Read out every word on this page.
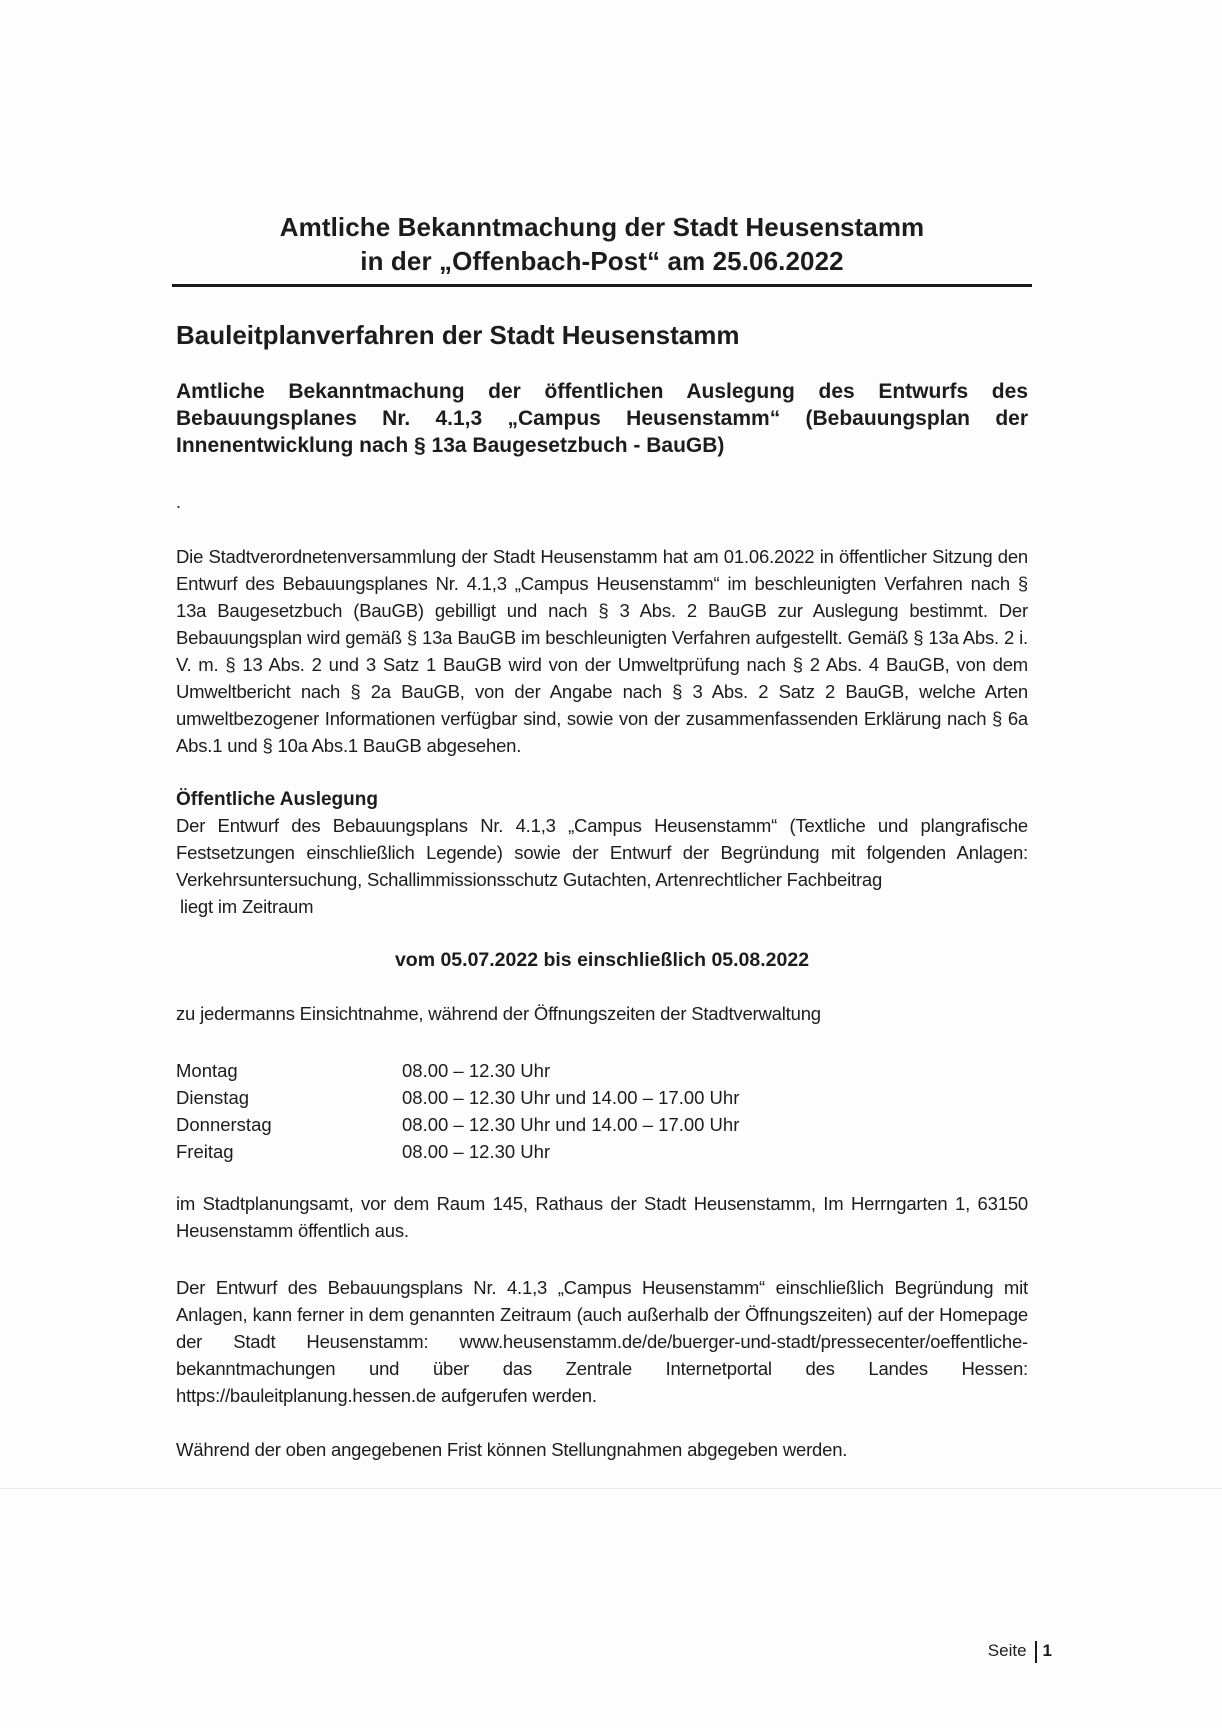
Amtliche Bekanntmachung der Stadt Heusenstamm
in der „Offenbach-Post“ am 25.06.2022
Bauleitplanverfahren der Stadt Heusenstamm
Amtliche Bekanntmachung der öffentlichen Auslegung des Entwurfs des Bebauungsplanes Nr. 4.1,3 „Campus Heusenstamm“ (Bebauungsplan der Innenentwicklung nach § 13a Baugesetzbuch - BauGB)
.
Die Stadtverordnetenversammlung der Stadt Heusenstamm hat am 01.06.2022 in öffentlicher Sitzung den Entwurf des Bebauungsplanes Nr. 4.1,3 „Campus Heusenstamm“ im beschleunigten Verfahren nach § 13a Baugesetzbuch (BauGB) gebilligt und nach § 3 Abs. 2 BauGB zur Auslegung bestimmt. Der Bebauungsplan wird gemäß § 13a BauGB im beschleunigten Verfahren aufgestellt. Gemäß § 13a Abs. 2 i. V. m. § 13 Abs. 2 und 3 Satz 1 BauGB wird von der Umweltprüfung nach § 2 Abs. 4 BauGB, von dem Umweltbericht nach § 2a BauGB, von der Angabe nach § 3 Abs. 2 Satz 2 BauGB, welche Arten umweltbezogener Informationen verfügbar sind, sowie von der zusammenfassenden Erklärung nach § 6a Abs.1 und § 10a Abs.1 BauGB abgesehen.
Öffentliche Auslegung
Der Entwurf des Bebauungsplans Nr. 4.1,3 „Campus Heusenstamm“ (Textliche und plangrafische Festsetzungen einschließlich Legende) sowie der Entwurf der Begründung mit folgenden Anlagen: Verkehrsuntersuchung, Schallimmissionsschutz Gutachten, Artenrechtlicher Fachbeitrag
liegt im Zeitraum
vom 05.07.2022 bis einschließlich 05.08.2022
zu jedermanns Einsichtnahme, während der Öffnungszeiten der Stadtverwaltung
Montag	08.00 – 12.30 Uhr
Dienstag	08.00 – 12.30 Uhr und 14.00 – 17.00 Uhr
Donnerstag	08.00 – 12.30 Uhr und 14.00 – 17.00 Uhr
Freitag	08.00 – 12.30 Uhr
im Stadtplanungsamt, vor dem Raum 145, Rathaus der Stadt Heusenstamm, Im Herrngarten 1, 63150 Heusenstamm öffentlich aus.
Der Entwurf des Bebauungsplans Nr. 4.1,3 „Campus Heusenstamm“ einschließlich Begründung mit Anlagen, kann ferner in dem genannten Zeitraum (auch außerhalb der Öffnungszeiten) auf der Homepage der Stadt Heusenstamm: www.heusenstamm.de/de/buerger-und-stadt/pressecenter/oeffentliche-bekanntmachungen und über das Zentrale Internetportal des Landes Hessen: https://bauleitplanung.hessen.de aufgerufen werden.
Während der oben angegebenen Frist können Stellungnahmen abgegeben werden.
Seite 1
